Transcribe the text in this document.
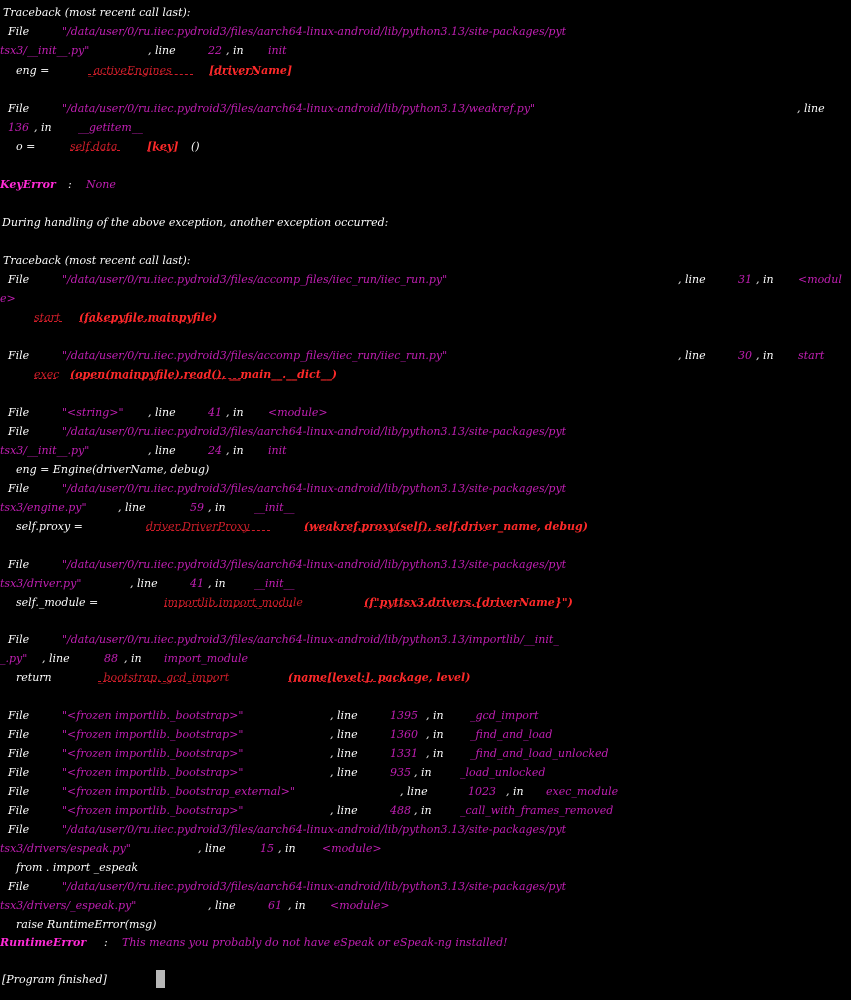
Traceback (most recent call last):
File	"/data/user/0/ru.iiec.pydroid3/files/aarch64-linux-android/lib/python3.13/site-packages/pyt
tsx3/__init__.py"	, line	22 , in init
eng =	_activeEngines	[driverName]
File	"/data/user/0/ru.iiec.pydroid3/files/aarch64-linux-android/lib/python3.13/weakref.py"	, line
136 , in __getitem__
o =	self.data	[key] ()
KeyError : None
During handling of the above exception, another exception occurred:
Traceback (most recent call last):
File	"/data/user/0/ru.iiec.pydroid3/files/accomp_files/iiec_run/iiec_run.py"	, line	31 , in <modul
e>
start (fakepyfile,mainpyfile)
File	"/data/user/0/ru.iiec.pydroid3/files/accomp_files/iiec_run/iiec_run.py"	, line	30 , in start
exec (open(mainpyfile).read(), __main__.__dict__)
File	"<string>" , line	41 , in <module>
File	"/data/user/0/ru.iiec.pydroid3/files/aarch64-linux-android/lib/python3.13/site-packages/pyt
tsx3/__init__.py"	, line	24 , in init
eng = Engine(driverName, debug)
File	"/data/user/0/ru.iiec.pydroid3/files/aarch64-linux-android/lib/python3.13/site-packages/pyt
tsx3/engine.py"	, line	59 , in	__init__
self.proxy =	driver.DriverProxy	(weakref.proxy(self), self.driver_name, debug)
File	"/data/user/0/ru.iiec.pydroid3/files/aarch64-linux-android/lib/python3.13/site-packages/pyt
tsx3/driver.py"	, line	41 , in	__init__
self._module =	importlib.import_module	(f"pyttsx3.drivers.{driverName}")
File	"/data/user/0/ru.iiec.pydroid3/files/aarch64-linux-android/lib/python3.13/importlib/__init_
_.py" , line	88 , in import_module
return	_bootstrap._gcd_import	(name[level:], package, level)
File	"<frozen importlib._bootstrap>"	, line	1395 , in _gcd_import
File	"<frozen importlib._bootstrap>"	, line	1360 , in _find_and_load
File	"<frozen importlib._bootstrap>"	, line	1331 , in _find_and_load_unlocked
File	"<frozen importlib._bootstrap>"	, line	935 , in	_load_unlocked
File	"<frozen importlib._bootstrap_external>"	, line	1023 , in exec_module
File	"<frozen importlib._bootstrap>"	, line	488 , in	_call_with_frames_removed
File	"/data/user/0/ru.iiec.pydroid3/files/aarch64-linux-android/lib/python3.13/site-packages/pyt
tsx3/drivers/espeak.py"	, line	15 , in <module>
from . import _espeak
File	"/data/user/0/ru.iiec.pydroid3/files/aarch64-linux-android/lib/python3.13/site-packages/pyt
tsx3/drivers/_espeak.py"	, line	61 , in <module>
raise RuntimeError(msg)
RuntimeError : This means you probably do not have eSpeak or eSpeak-ng installed!
[Program finished]
